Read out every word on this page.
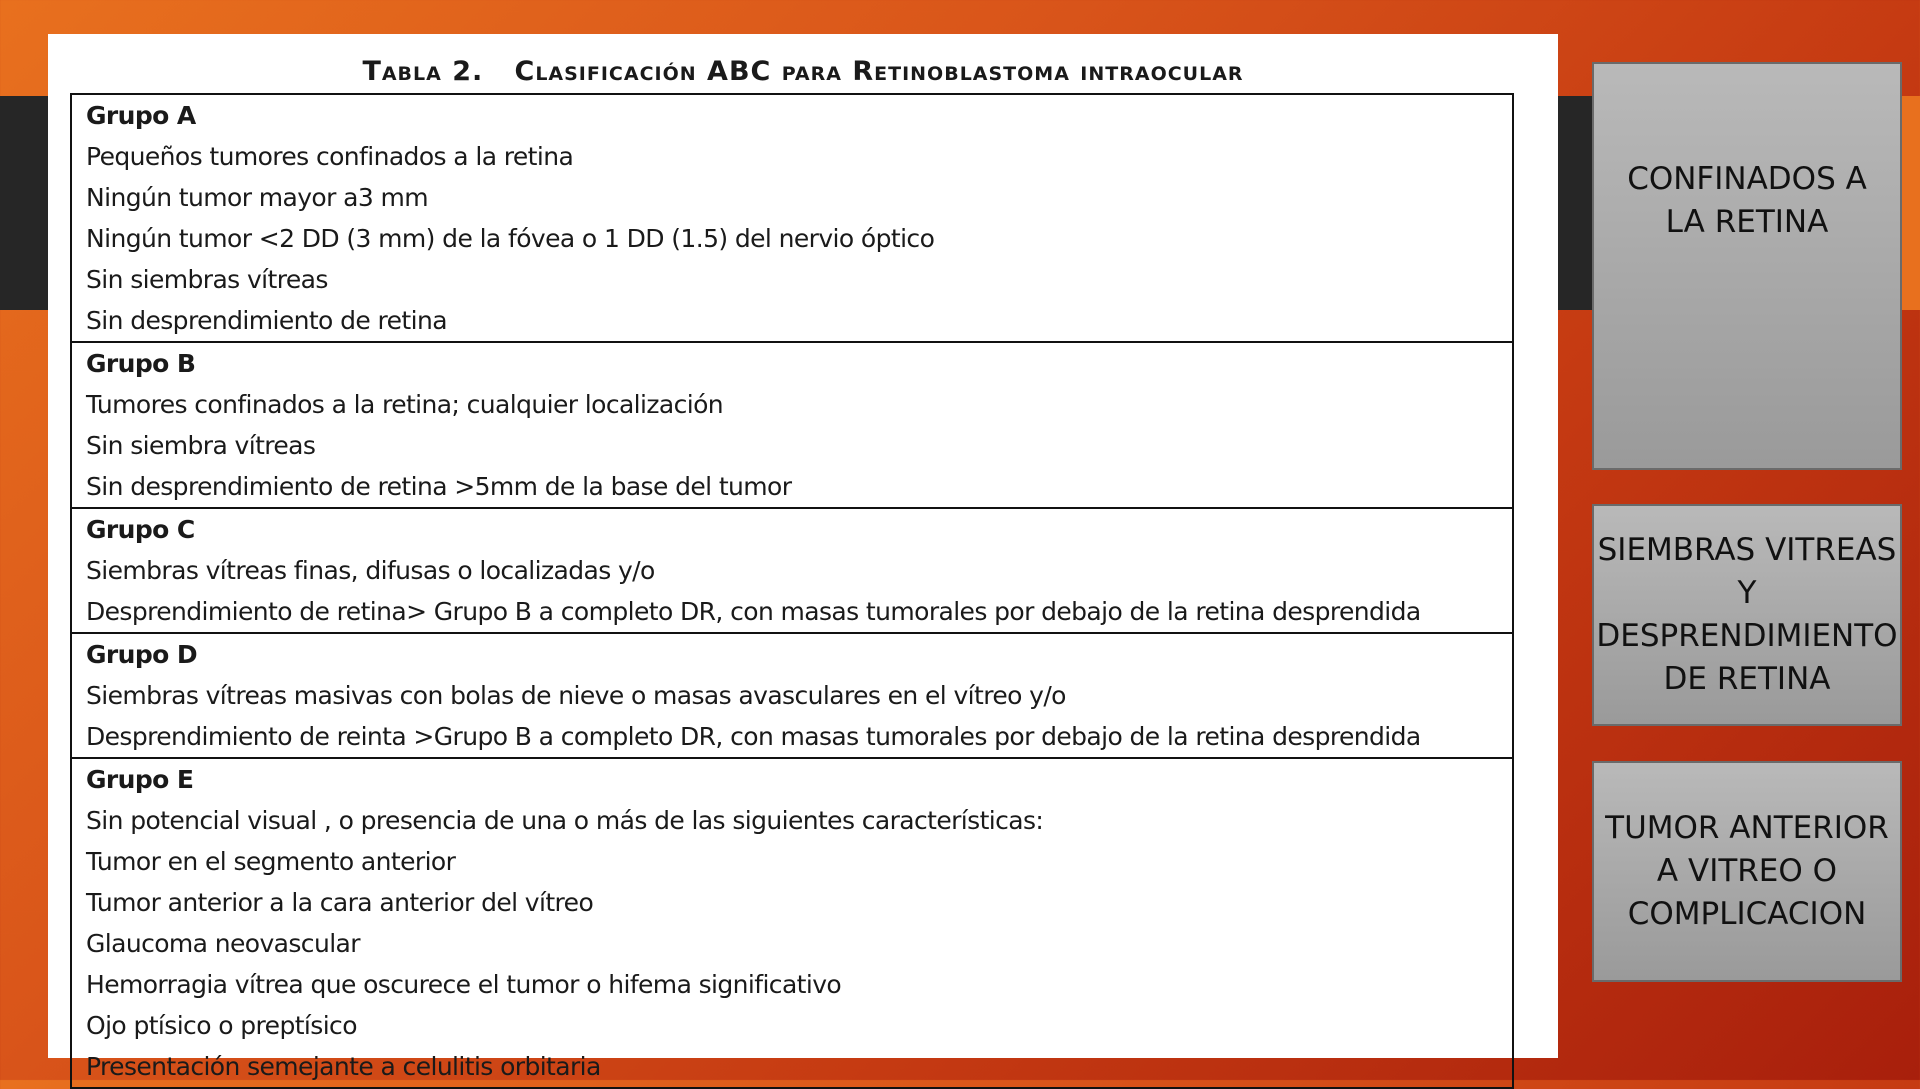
Tabla 2. Clasificación ABC para Retinoblastoma intraocular
Grupo A
Pequeños tumores confinados a la retina
Ningún tumor mayor a3 mm
Ningún tumor <2 DD (3 mm) de la fóvea o 1 DD (1.5) del nervio óptico
Sin siembras vítreas
Sin desprendimiento de retina
Grupo B
Tumores confinados a la retina; cualquier localización
Sin siembra vítreas
Sin desprendimiento de retina >5mm de la base del tumor
Grupo C
Siembras vítreas finas, difusas o localizadas y/o
Desprendimiento de retina> Grupo B a completo DR, con masas tumorales por debajo de la retina desprendida
Grupo D
Siembras vítreas masivas con bolas de nieve o masas avasculares en el vítreo y/o
Desprendimiento de reinta >Grupo B a completo DR, con masas tumorales por debajo de la retina desprendida
Grupo E
Sin potencial visual , o presencia de una o más de las siguientes características:
Tumor en el segmento anterior
Tumor anterior a la cara anterior del vítreo
Glaucoma neovascular
Hemorragia vítrea que oscurece el tumor o hifema significativo
Ojo ptísico o preptísico
Presentación semejante a celulitis orbitaria
CONFINADOS A
LA RETINA
SIEMBRAS VITREAS
Y
DESPRENDIMIENTO
DE RETINA
TUMOR ANTERIOR
A VITREO O
COMPLICACION
